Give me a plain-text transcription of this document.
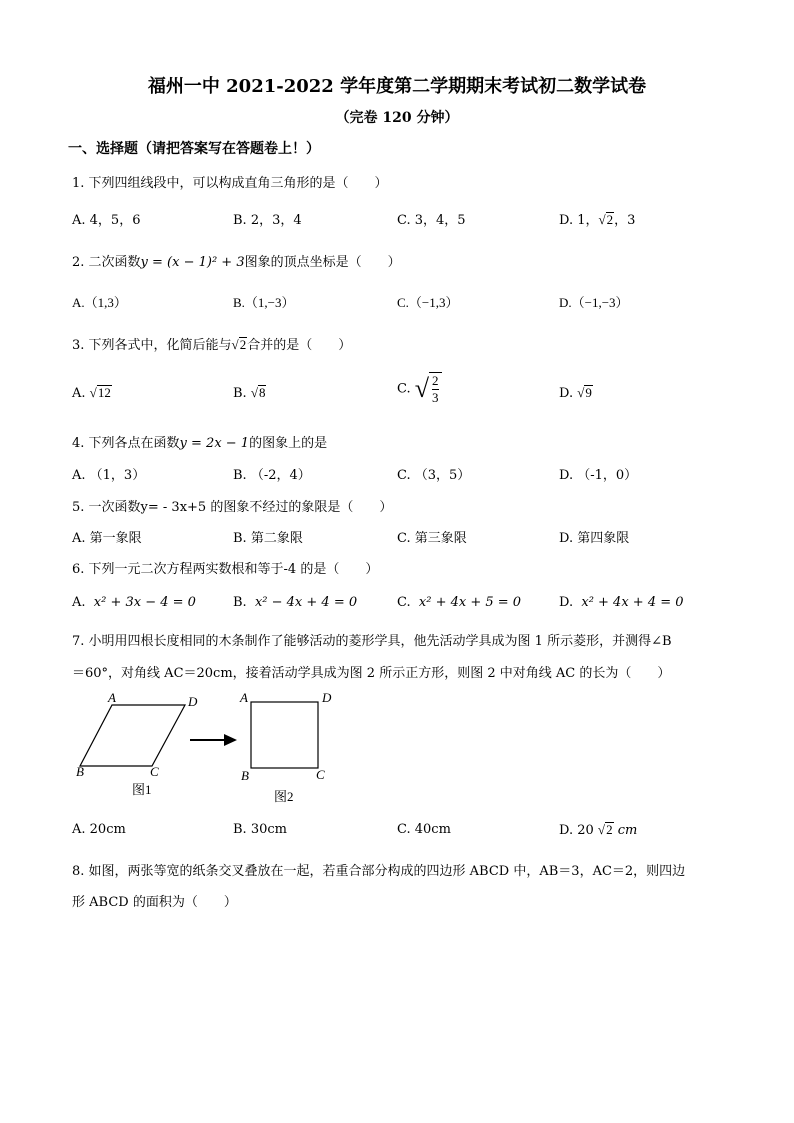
福州一中 2021-2022 学年度第二学期期末考试初二数学试卷
（完卷 120 分钟）
一、选择题（请把答案写在答题卷上！）
1. 下列四组线段中，可以构成直角三角形的是（　　）
A. 4，5，6	B. 2，3，4	C. 3，4，5	D. 1，√2，3
2. 二次函数y = (x − 1)² + 3图象的顶点坐标是（　　）
A.（1,3）	B.（1,−3）	C.（−1,3）	D.（−1,−3）
3. 下列各式中，化简后能与√2合并的是（　　）
A. √12	B. √8	C. √ $\frac{2}{3}$	D. √9
4. 下列各点在函数y = 2x − 1的图象上的是
A. （1，3）	B. （-2，4）	C. （3，5）	D. （-1，0）
5. 一次函数y= - 3x+5 的图象不经过的象限是（　　）
A. 第一象限	B. 第二象限	C. 第三象限	D. 第四象限
6. 下列一元二次方程两实数根和等于-4 的是（　　）
A. x² + 3x − 4 = 0	B. x² − 4x + 4 = 0	C. x² + 4x + 5 = 0	D. x² + 4x + 4 = 0
7. 小明用四根长度相同的木条制作了能够活动的菱形学具，他先活动学具成为图 1 所示菱形，并测得∠B
＝60°，对角线 AC＝20cm，接着活动学具成为图 2 所示正方形，则图 2 中对角线 AC 的长为（　　）
A	D
B	C
图1
A	D
B	C
图2
A. 20cm	B. 30cm	C. 40cm	D. 20 √2 cm
8. 如图，两张等宽的纸条交叉叠放在一起，若重合部分构成的四边形 ABCD 中，AB＝3，AC＝2，则四边
形 ABCD 的面积为（　　）
